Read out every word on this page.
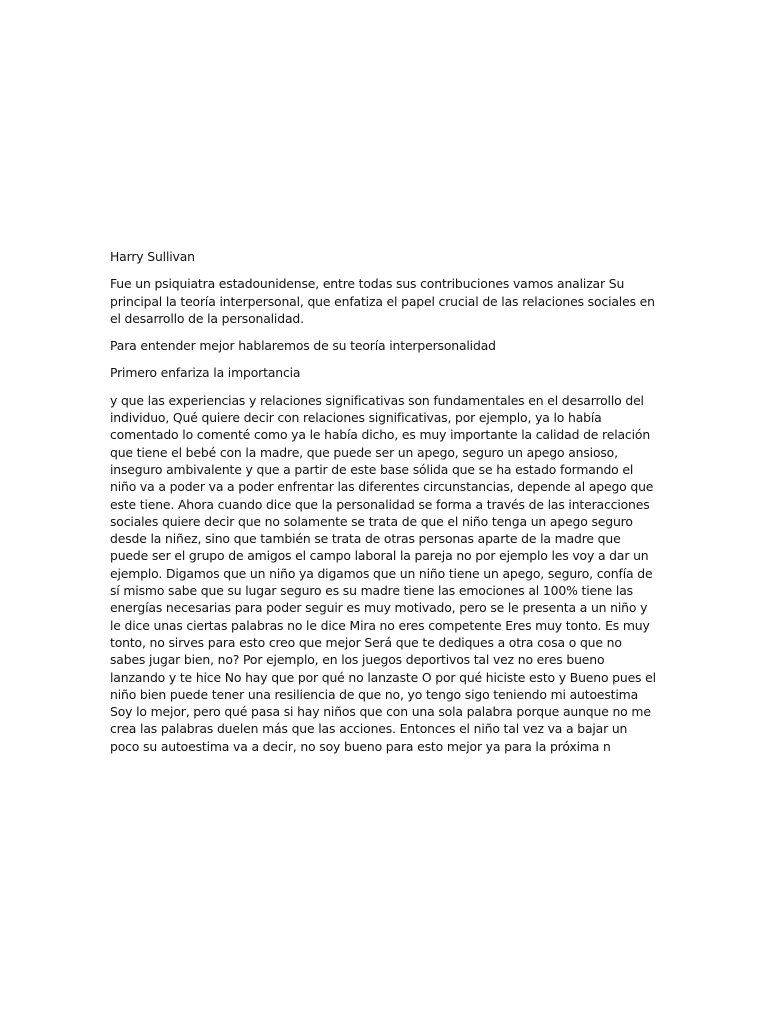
Harry Sullivan

Fue un psiquiatra estadounidense, entre todas sus contribuciones vamos analizar Su principal la teoría interpersonal, que enfatiza el papel crucial de las relaciones sociales en el desarrollo de la personalidad.

Para entender mejor hablaremos de su teoría interpersonalidad

Primero enfariza la importancia

y que las experiencias y relaciones significativas son fundamentales en el desarrollo del individuo, Qué quiere decir con relaciones significativas, por ejemplo, ya lo había comentado lo comenté como ya le había dicho, es muy importante la calidad de relación que tiene el bebé con la madre, que puede ser un apego, seguro un apego ansioso, inseguro ambivalente y que a partir de este base sólida que se ha estado formando el niño va a poder va a poder enfrentar las diferentes circunstancias, depende al apego que este tiene. Ahora cuando dice que la personalidad se forma a través de las interacciones sociales quiere decir que no solamente se trata de que el niño tenga un apego seguro desde la niñez, sino que también se trata de otras personas aparte de la madre que puede ser el grupo de amigos el campo laboral la pareja no por ejemplo les voy a dar un ejemplo. Digamos que un niño ya digamos que un niño tiene un apego, seguro, confía de sí mismo sabe que su lugar seguro es su madre tiene las emociones al 100% tiene las energías necesarias para poder seguir es muy motivado, pero se le presenta a un niño y le dice unas ciertas palabras no le dice Mira no eres competente Eres muy tonto. Es muy tonto, no sirves para esto creo que mejor Será que te dediques a otra cosa o que no sabes jugar bien, no? Por ejemplo, en los juegos deportivos tal vez no eres bueno lanzando y te hice No hay que por qué no lanzaste O por qué hiciste esto y Bueno pues el niño bien puede tener una resiliencia de que no, yo tengo sigo teniendo mi autoestima Soy lo mejor, pero qué pasa si hay niños que con una sola palabra porque aunque no me crea las palabras duelen más que las acciones. Entonces el niño tal vez va a bajar un poco su autoestima va a decir, no soy bueno para esto mejor ya para la próxima n
